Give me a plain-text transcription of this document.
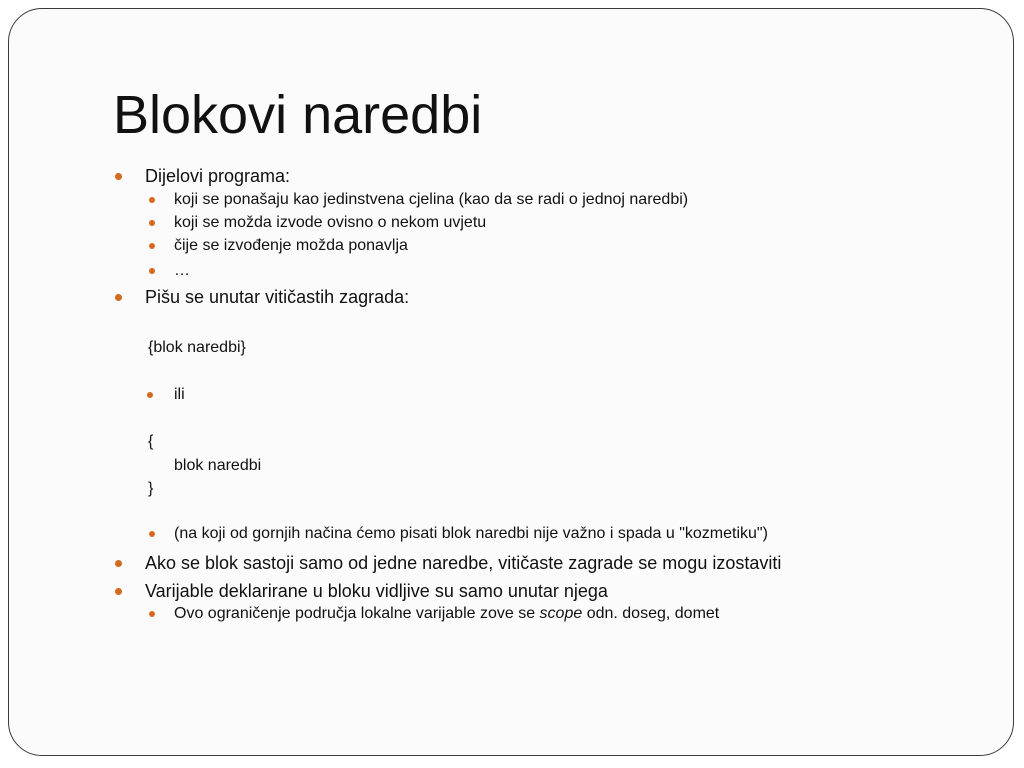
Blokovi naredbi
Dijelovi programa:
koji se ponašaju kao jedinstvena cjelina (kao da se radi o jednoj naredbi)
koji se možda izvode ovisno o nekom uvjetu
čije se izvođenje možda ponavlja
…
Pišu se unutar vitičastih zagrada:
{blok naredbi}
ili
{
blok naredbi
}
(na koji od gornjih načina ćemo pisati blok naredbi nije važno i spada u "kozmetiku")
Ako se blok sastoji samo od jedne naredbe, vitičaste zagrade se mogu izostaviti
Varijable deklarirane u bloku vidljive su samo unutar njega
Ovo ograničenje područja lokalne varijable zove se scope odn. doseg, domet
